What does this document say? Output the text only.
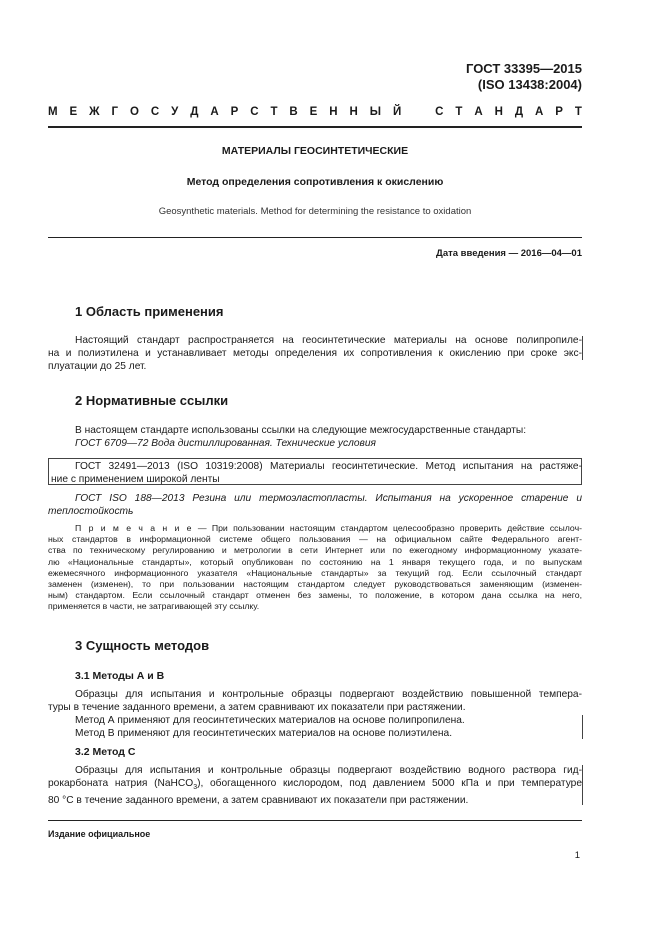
ГОСТ 33395—2015
(ISO 13438:2004)
М Е Ж Г О С У Д А Р С Т В Е Н Н Ы Й	С Т А Н Д А Р Т
МАТЕРИАЛЫ ГЕОСИНТЕТИЧЕСКИЕ
Метод определения сопротивления к окислению
Geosynthetic materials. Method for determining the resistance to oxidation
Дата введения — 2016—04—01
1 Область применения
Настоящий стандарт распространяется на геосинтетические материалы на основе полипропиле-
на и полиэтилена и устанавливает методы определения их сопротивления к окислению при сроке экс-
плуатации до 25 лет.
2 Нормативные ссылки
В настоящем стандарте использованы ссылки на следующие межгосударственные стандарты:
ГОСТ 6709—72 Вода дистиллированная. Технические условия
ГОСТ 32491—2013 (ISO 10319:2008) Материалы геосинтетические. Метод испытания на растяже-
ние с применением широкой ленты
ГОСТ ISO 188—2013 Резина или термоэластопласты. Испытания на ускоренное старение и
теплостойкость
П р и м е ч а н и е — При пользовании настоящим стандартом целесообразно проверить действие ссылоч-
ных стандартов в информационной системе общего пользования — на официальном сайте Федерального агент-
ства по техническому регулированию и метрологии в сети Интернет или по ежегодному информационному указате-
лю «Национальные стандарты», который опубликован по состоянию на 1 января текущего года, и по выпускам
ежемесячного информационного указателя «Национальные стандарты» за текущий год. Если ссылочный стандарт
заменен (изменен), то при пользовании настоящим стандартом следует руководствоваться заменяющим (изменен-
ным) стандартом. Если ссылочный стандарт отменен без замены, то положение, в котором дана ссылка на него,
применяется в части, не затрагивающей эту ссылку.
3 Сущность методов
3.1 Методы А и В
Образцы для испытания и контрольные образцы подвергают воздействию повышенной темпера-
туры в течение заданного времени, а затем сравнивают их показатели при растяжении.
Метод А применяют для геосинтетических материалов на основе полипропилена.
Метод В применяют для геосинтетических материалов на основе полиэтилена.
3.2 Метод С
Образцы для испытания и контрольные образцы подвергают воздействию водного раствора гид-
рокарбоната натрия (NaHCO$_3$), обогащенного кислородом, под давлением 5000 кПа и при температуре
80 °С в течение заданного времени, а затем сравнивают их показатели при растяжении.
Издание официальное
1
